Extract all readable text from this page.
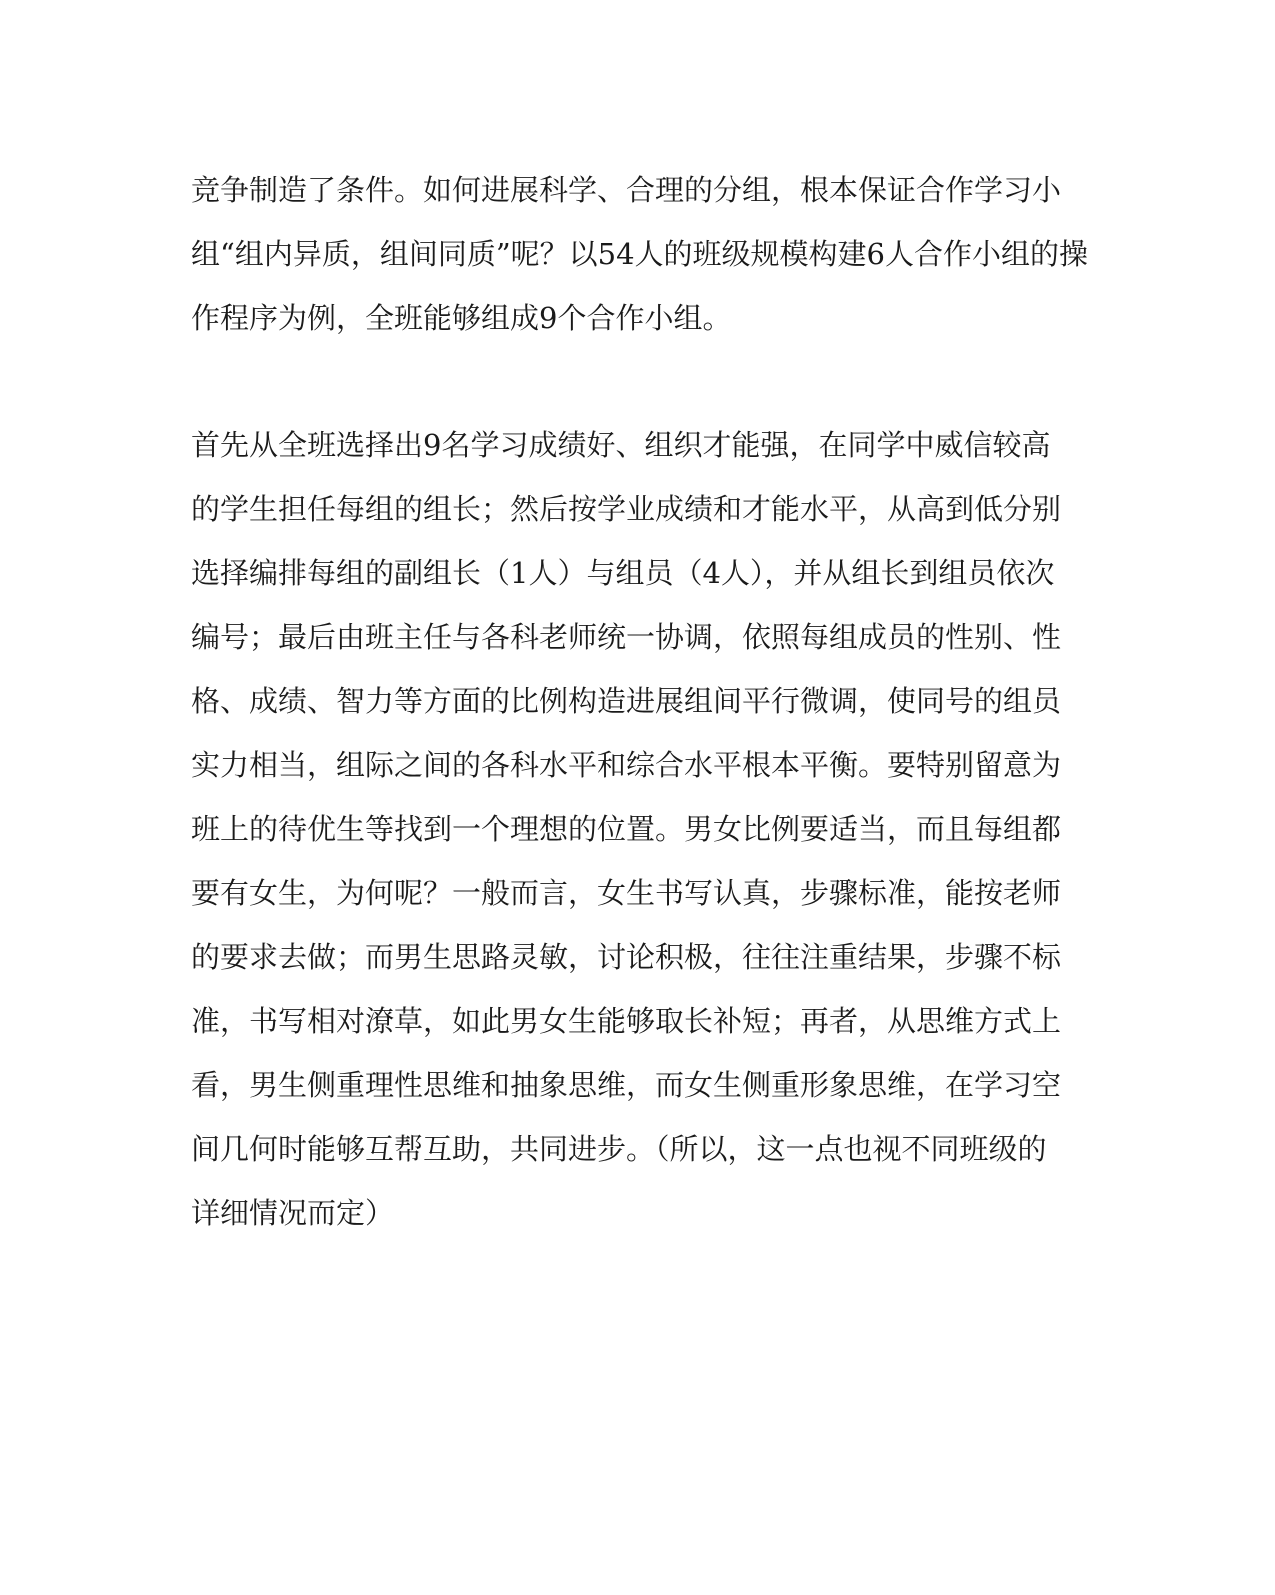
竞争制造了条件。如何进展科学、合理的分组，根本保证合作学习小
组“组内异质，组间同质”呢？以54人的班级规模构建6人合作小组的操
作程序为例，全班能够组成9个合作小组。
首先从全班选择出9名学习成绩好、组织才能强，在同学中威信较高
的学生担任每组的组长；然后按学业成绩和才能水平，从高到低分别
选择编排每组的副组长（1人）与组员（4人），并从组长到组员依次
编号；最后由班主任与各科老师统一协调，依照每组成员的性别、性
格、成绩、智力等方面的比例构造进展组间平行微调，使同号的组员
实力相当，组际之间的各科水平和综合水平根本平衡。要特别留意为
班上的待优生等找到一个理想的位置。男女比例要适当，而且每组都
要有女生，为何呢？一般而言，女生书写认真，步骤标准，能按老师
的要求去做；而男生思路灵敏，讨论积极，往往注重结果，步骤不标
准，书写相对潦草，如此男女生能够取长补短；再者，从思维方式上
看，男生侧重理性思维和抽象思维，而女生侧重形象思维，在学习空
间几何时能够互帮互助，共同进步。（所以，这一点也视不同班级的
详细情况而定）
